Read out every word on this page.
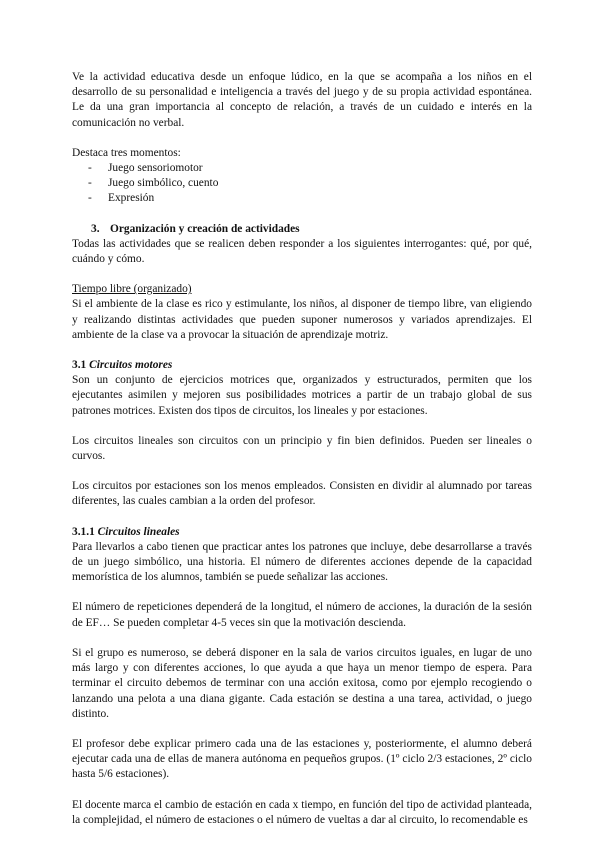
Ve la actividad educativa desde un enfoque lúdico, en la que se acompaña a los niños en el desarrollo de su personalidad e inteligencia a través del juego y de su propia actividad espontánea. Le da una gran importancia al concepto de relación, a través de un cuidado e interés en la comunicación no verbal.

Destaca tres momentos:

- Juego sensoriomotor
- Juego simbólico, cuento
- Expresión
3. Organización y creación de actividades

Todas las actividades que se realicen deben responder a los siguientes interrogantes: qué, por qué, cuándo y cómo.

Tiempo libre (organizado)

Si el ambiente de la clase es rico y estimulante, los niños, al disponer de tiempo libre, van eligiendo y realizando distintas actividades que pueden suponer numerosos y variados aprendizajes. El ambiente de la clase va a provocar la situación de aprendizaje motriz.

3.1 Circuitos motores

Son un conjunto de ejercicios motrices que, organizados y estructurados, permiten que los ejecutantes asimilen y mejoren sus posibilidades motrices a partir de un trabajo global de sus patrones motrices. Existen dos tipos de circuitos, los lineales y por estaciones.

Los circuitos lineales son circuitos con un principio y fin bien definidos. Pueden ser lineales o curvos.

Los circuitos por estaciones son los menos empleados. Consisten en dividir al alumnado por tareas diferentes, las cuales cambian a la orden del profesor.

3.1.1 Circuitos lineales

Para llevarlos a cabo tienen que practicar antes los patrones que incluye, debe desarrollarse a través de un juego simbólico, una historia. El número de diferentes acciones depende de la capacidad memorística de los alumnos, también se puede señalizar las acciones.

El número de repeticiones dependerá de la longitud, el número de acciones, la duración de la sesión de EF… Se pueden completar 4-5 veces sin que la motivación descienda.

Si el grupo es numeroso, se deberá disponer en la sala de varios circuitos iguales, en lugar de uno más largo y con diferentes acciones, lo que ayuda a que haya un menor tiempo de espera. Para terminar el circuito debemos de terminar con una acción exitosa, como por ejemplo recogiendo o lanzando una pelota a una diana gigante. Cada estación se destina a una tarea, actividad, o juego distinto.

El profesor debe explicar primero cada una de las estaciones y, posteriormente, el alumno deberá ejecutar cada una de ellas de manera autónoma en pequeños grupos. (1º ciclo 2/3 estaciones, 2º ciclo hasta 5/6 estaciones).

El docente marca el cambio de estación en cada x tiempo, en función del tipo de actividad planteada, la complejidad, el número de estaciones o el número de vueltas a dar al circuito, lo recomendable es
